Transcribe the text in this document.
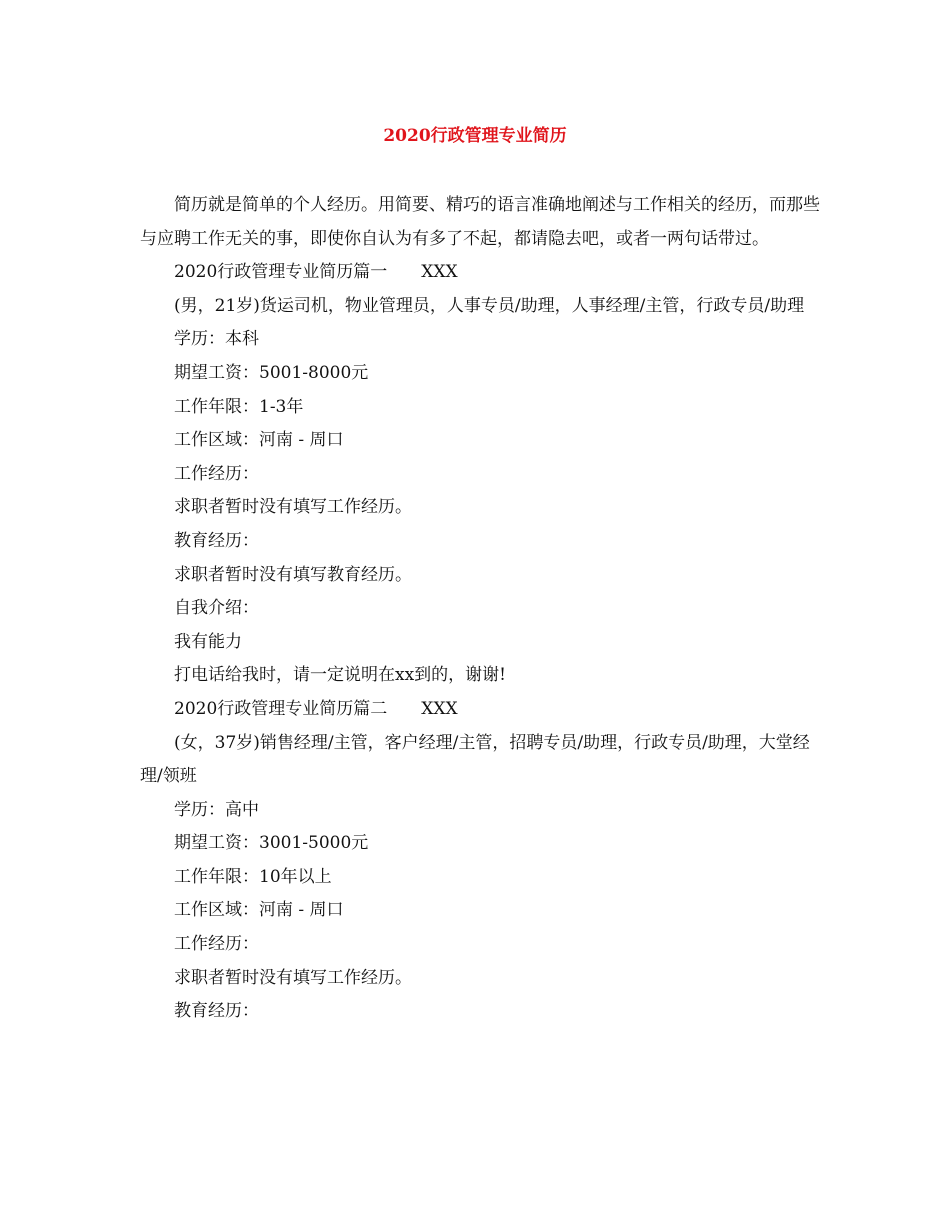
2020行政管理专业简历

简历就是简单的个人经历。用简要、精巧的语言准确地阐述与工作相关的经历，而那些与应聘工作无关的事，即使你自认为有多了不起，都请隐去吧，或者一两句话带过。

2020行政管理专业简历篇一　　XXX

(男，21岁)货运司机，物业管理员，人事专员/助理，人事经理/主管，行政专员/助理

学历：本科

期望工资：5001-8000元

工作年限：1-3年

工作区域：河南 - 周口

工作经历：

求职者暂时没有填写工作经历。

教育经历：

求职者暂时没有填写教育经历。

自我介绍：

我有能力

打电话给我时，请一定说明在xx到的，谢谢!

2020行政管理专业简历篇二　　XXX

(女，37岁)销售经理/主管，客户经理/主管，招聘专员/助理，行政专员/助理，大堂经理/领班

学历：高中

期望工资：3001-5000元

工作年限：10年以上

工作区域：河南 - 周口

工作经历：

求职者暂时没有填写工作经历。

教育经历：
